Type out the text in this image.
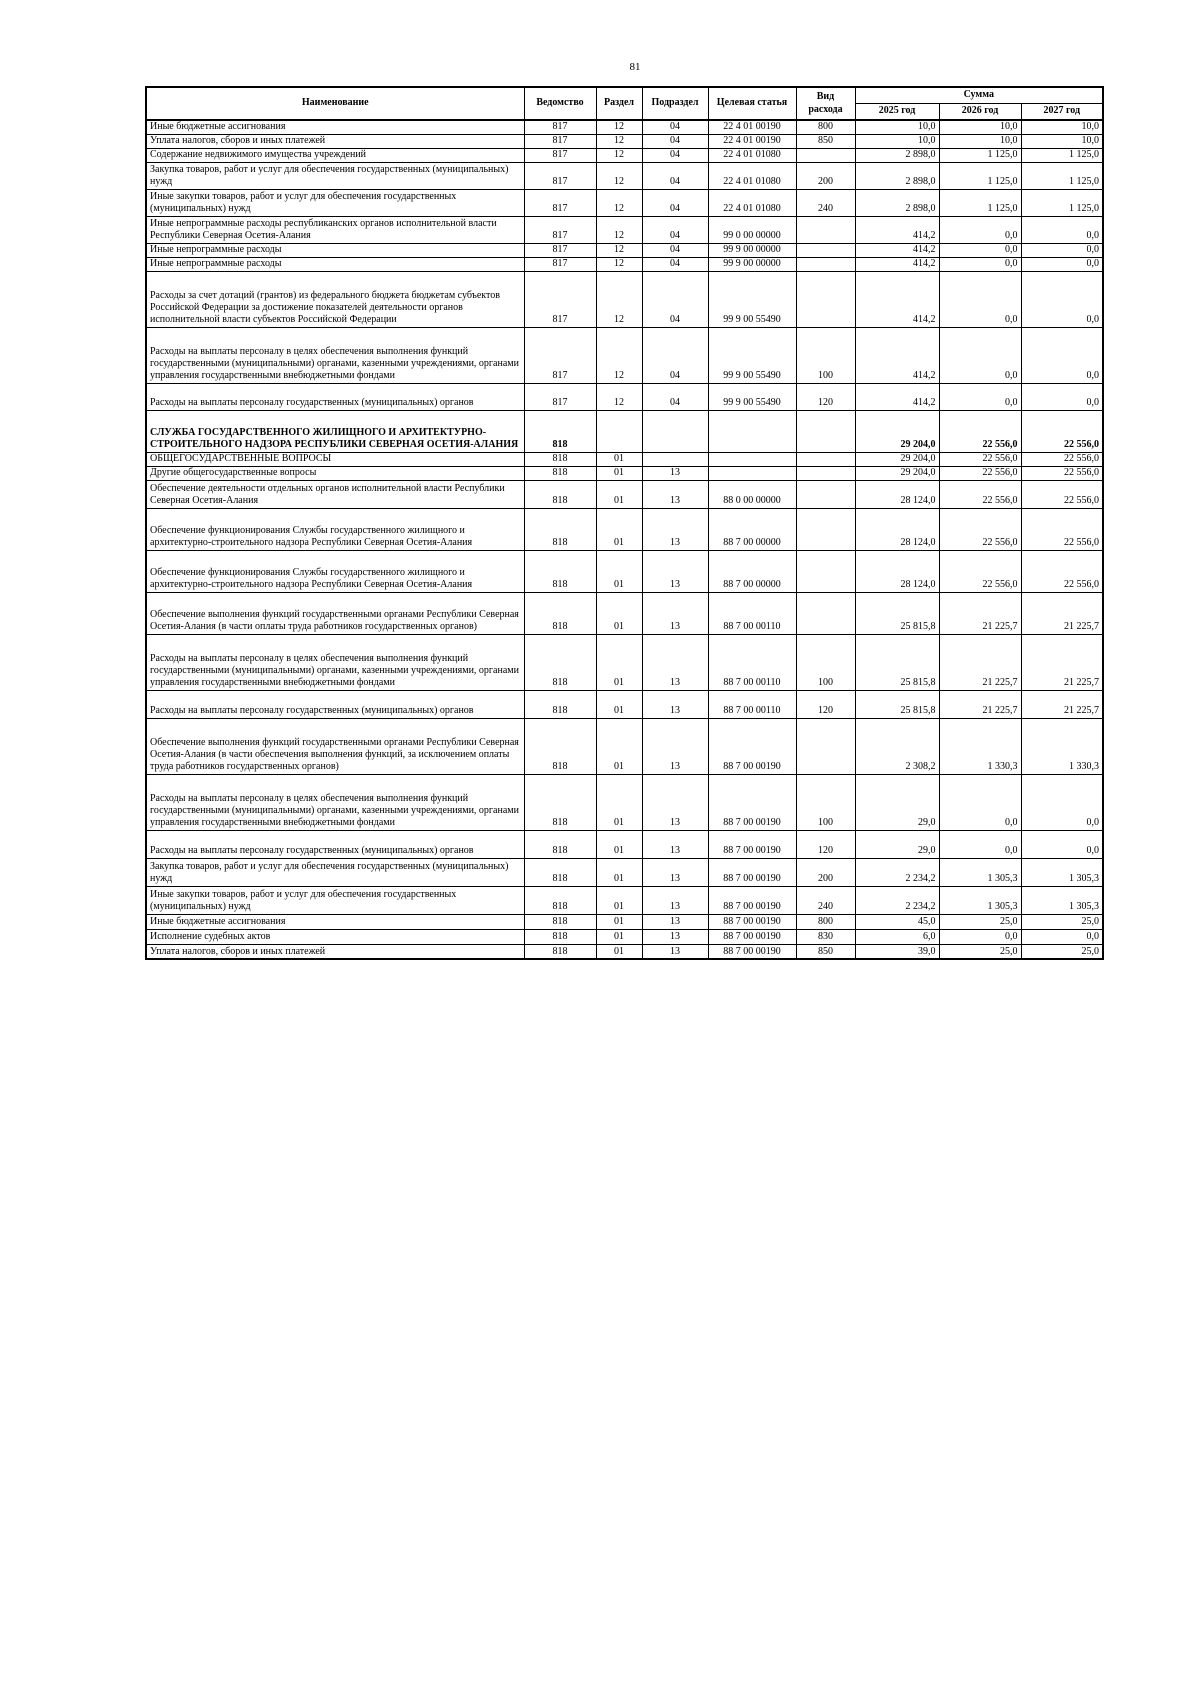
81
Наименование	Ведомство	Раздел	Подраздел	Целевая статья	Вид расхода	Сумма		
						2025 год	2026 год	2027 год
Иные бюджетные ассигнования	817	12	04	22 4 01 00190	800	10,0	10,0	10,0
Уплата налогов, сборов и иных платежей	817	12	04	22 4 01 00190	850	10,0	10,0	10,0
Содержание недвижимого имущества учреждений	817	12	04	22 4 01 01080		2 898,0	1 125,0	1 125,0
Закупка товаров, работ и услуг для обеспечения государственных (муниципальных) нужд	817	12	04	22 4 01 01080	200	2 898,0	1 125,0	1 125,0
Иные закупки товаров, работ и услуг для обеспечения государственных (муниципальных) нужд	817	12	04	22 4 01 01080	240	2 898,0	1 125,0	1 125,0
Иные непрограммные расходы республиканских органов исполнительной власти Республики Северная Осетия-Алания	817	12	04	99 0 00 00000		414,2	0,0	0,0
Иные непрограммные расходы	817	12	04	99 9 00 00000		414,2	0,0	0,0
Иные непрограммные расходы	817	12	04	99 9 00 00000		414,2	0,0	0,0
Расходы за счет дотаций (грантов) из федерального бюджета бюджетам субъектов Российской Федерации за достижение показателей деятельности органов исполнительной власти субъектов Российской Федерации	817	12	04	99 9 00 55490		414,2	0,0	0,0
Расходы на выплаты персоналу в целях обеспечения выполнения функций государственными (муниципальными) органами, казенными учреждениями, органами управления государственными внебюджетными фондами	817	12	04	99 9 00 55490	100	414,2	0,0	0,0
Расходы на выплаты персоналу государственных (муниципальных) органов	817	12	04	99 9 00 55490	120	414,2	0,0	0,0
СЛУЖБА ГОСУДАРСТВЕННОГО ЖИЛИЩНОГО И АРХИТЕКТУРНО-СТРОИТЕЛЬНОГО НАДЗОРА РЕСПУБЛИКИ СЕВЕРНАЯ ОСЕТИЯ-АЛАНИЯ	818					29 204,0	22 556,0	22 556,0
ОБЩЕГОСУДАРСТВЕННЫЕ ВОПРОСЫ	818	01				29 204,0	22 556,0	22 556,0
Другие общегосударственные вопросы	818	01	13			29 204,0	22 556,0	22 556,0
Обеспечение деятельности отдельных органов исполнительной власти Республики Северная Осетия-Алания	818	01	13	88 0 00 00000		28 124,0	22 556,0	22 556,0
Обеспечение функционирования Службы государственного жилищного и архитектурно-строительного надзора Республики Северная Осетия-Алания	818	01	13	88 7 00 00000		28 124,0	22 556,0	22 556,0
Обеспечение функционирования Службы государственного жилищного и архитектурно-строительного надзора Республики Северная Осетия-Алания	818	01	13	88 7 00 00000		28 124,0	22 556,0	22 556,0
Обеспечение выполнения функций государственными органами Республики Северная Осетия-Алания (в части оплаты труда работников государственных органов)	818	01	13	88 7 00 00110		25 815,8	21 225,7	21 225,7
Расходы на выплаты персоналу в целях обеспечения выполнения функций государственными (муниципальными) органами, казенными учреждениями, органами управления государственными внебюджетными фондами	818	01	13	88 7 00 00110	100	25 815,8	21 225,7	21 225,7
Расходы на выплаты персоналу государственных (муниципальных) органов	818	01	13	88 7 00 00110	120	25 815,8	21 225,7	21 225,7
Обеспечение выполнения функций государственными органами Республики Северная Осетия-Алания (в части обеспечения выполнения функций, за исключением оплаты труда работников государственных органов)	818	01	13	88 7 00 00190		2 308,2	1 330,3	1 330,3
Расходы на выплаты персоналу в целях обеспечения выполнения функций государственными (муниципальными) органами, казенными учреждениями, органами управления государственными внебюджетными фондами	818	01	13	88 7 00 00190	100	29,0	0,0	0,0
Расходы на выплаты персоналу государственных (муниципальных) органов	818	01	13	88 7 00 00190	120	29,0	0,0	0,0
Закупка товаров, работ и услуг для обеспечения государственных (муниципальных) нужд	818	01	13	88 7 00 00190	200	2 234,2	1 305,3	1 305,3
Иные закупки товаров, работ и услуг для обеспечения государственных (муниципальных) нужд	818	01	13	88 7 00 00190	240	2 234,2	1 305,3	1 305,3
Иные бюджетные ассигнования	818	01	13	88 7 00 00190	800	45,0	25,0	25,0
Исполнение судебных актов	818	01	13	88 7 00 00190	830	6,0	0,0	0,0
Уплата налогов, сборов и иных платежей	818	01	13	88 7 00 00190	850	39,0	25,0	25,0
